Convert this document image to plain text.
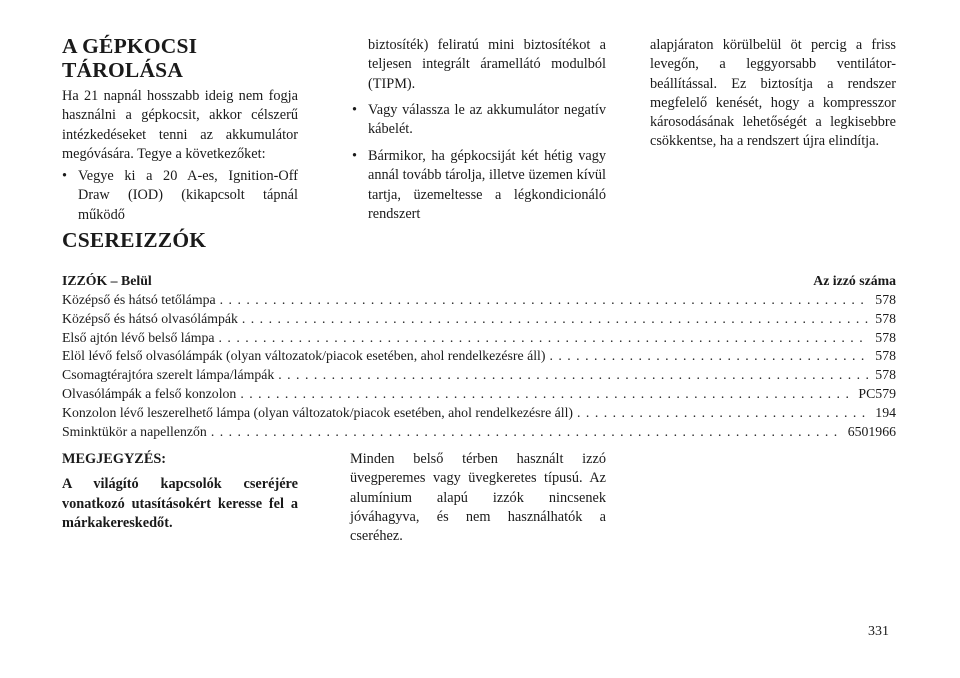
A GÉPKOCSI
TÁROLÁSA
Ha 21 napnál hosszabb ideig nem fogja használni a gépkocsit, akkor célszerű intézkedéseket tenni az akkumulátor megóvására. Tegye a következőket:
• Vegye ki a 20 A-es, Ignition-Off Draw (IOD) (kikapcsolt tápnál működő
biztosíték) feliratú mini biztosítékot a teljesen integrált áramellátó modulból (TIPM).
• Vagy válassza le az akkumulátor negatív kábelét.
• Bármikor, ha gépkocsiját két hétig vagy annál tovább tárolja, illetve üzemen kívül tartja, üzemeltesse a légkondicionáló rendszert
alapjáraton körülbelül öt percig a friss levegőn, a leggyorsabb ventilátor-beállítással. Ez biztosítja a rendszer megfelelő kenését, hogy a kompresszor károsodásának lehetőségét a legkisebbre csökkentse, ha a rendszert újra elindítja.
CSEREIZZÓK
IZZÓK – Belül	Az izzó száma
Középső és hátsó tetőlámpa . . .	578
Középső és hátsó olvasólámpák . . .	578
Első ajtón lévő belső lámpa . . .	578
Elöl lévő felső olvasólámpák (olyan változatok/piacok esetében, ahol rendelkezésre áll) . . .	578
Csomagtérajtóra szerelt lámpa/lámpák . . .	578
Olvasólámpák a felső konzolon . . .	PC579
Konzolon lévő leszerelhető lámpa (olyan változatok/piacok esetében, ahol rendelkezésre áll) . . .	194
Sminktükör a napellenzőn . . .	6501966
MEGJEGYZÉS:
A világító kapcsolók cseréjére vonatkozó utasításokért keresse fel a márkakereskedőt.
Minden belső térben használt izzó üvegperemes vagy üvegkeretes típusú. Az alumínium alapú izzók nincsenek jóváhagyva, és nem használhatók a cseréhez.
331
